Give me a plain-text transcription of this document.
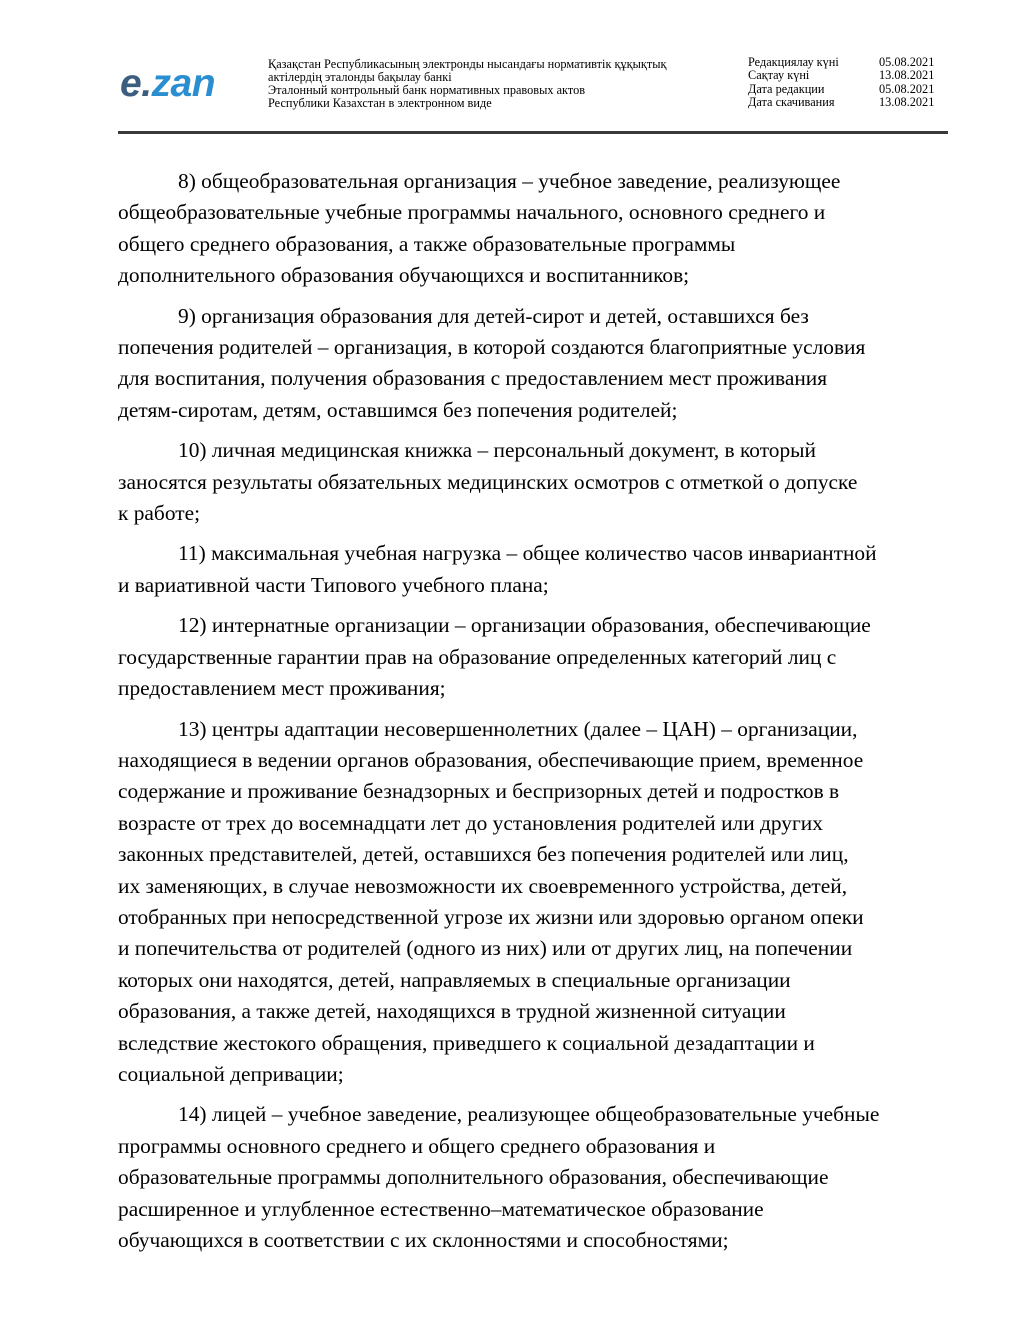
e.zan	Қазақстан Республикасының электронды нысандағы нормативтік құқықтық
актілердің эталонды бақылау банкі
Эталонный контрольный банк нормативных правовых актов
Республики Казахстан в электронном виде
Редакциялау күні	05.08.2021
Сақтау күні	13.08.2021
Дата редакции	05.08.2021
Дата скачивания	13.08.2021

8) общеобразовательная организация – учебное заведение, реализующее
общеобразовательные учебные программы начального, основного среднего и
общего среднего образования, а также образовательные программы
дополнительного образования обучающихся и воспитанников;

9) организация образования для детей-сирот и детей, оставшихся без
попечения родителей – организация, в которой создаются благоприятные условия
для воспитания, получения образования с предоставлением мест проживания
детям-сиротам, детям, оставшимся без попечения родителей;

10) личная медицинская книжка – персональный документ, в который
заносятся результаты обязательных медицинских осмотров с отметкой о допуске
к работе;

11) максимальная учебная нагрузка – общее количество часов инвариантной
и вариативной части Типового учебного плана;

12) интернатные организации – организации образования, обеспечивающие
государственные гарантии прав на образование определенных категорий лиц с
предоставлением мест проживания;

13) центры адаптации несовершеннолетних (далее – ЦАН) – организации,
находящиеся в ведении органов образования, обеспечивающие прием, временное
содержание и проживание безнадзорных и беспризорных детей и подростков в
возрасте от трех до восемнадцати лет до установления родителей или других
законных представителей, детей, оставшихся без попечения родителей или лиц,
их заменяющих, в случае невозможности их своевременного устройства, детей,
отобранных при непосредственной угрозе их жизни или здоровью органом опеки
и попечительства от родителей (одного из них) или от других лиц, на попечении
которых они находятся, детей, направляемых в специальные организации
образования, а также детей, находящихся в трудной жизненной ситуации
вследствие жестокого обращения, приведшего к социальной дезадаптации и
социальной депривации;

14) лицей – учебное заведение, реализующее общеобразовательные учебные
программы основного среднего и общего среднего образования и
образовательные программы дополнительного образования, обеспечивающие
расширенное и углубленное естественно–математическое образование
обучающихся в соответствии с их склонностями и способностями;
